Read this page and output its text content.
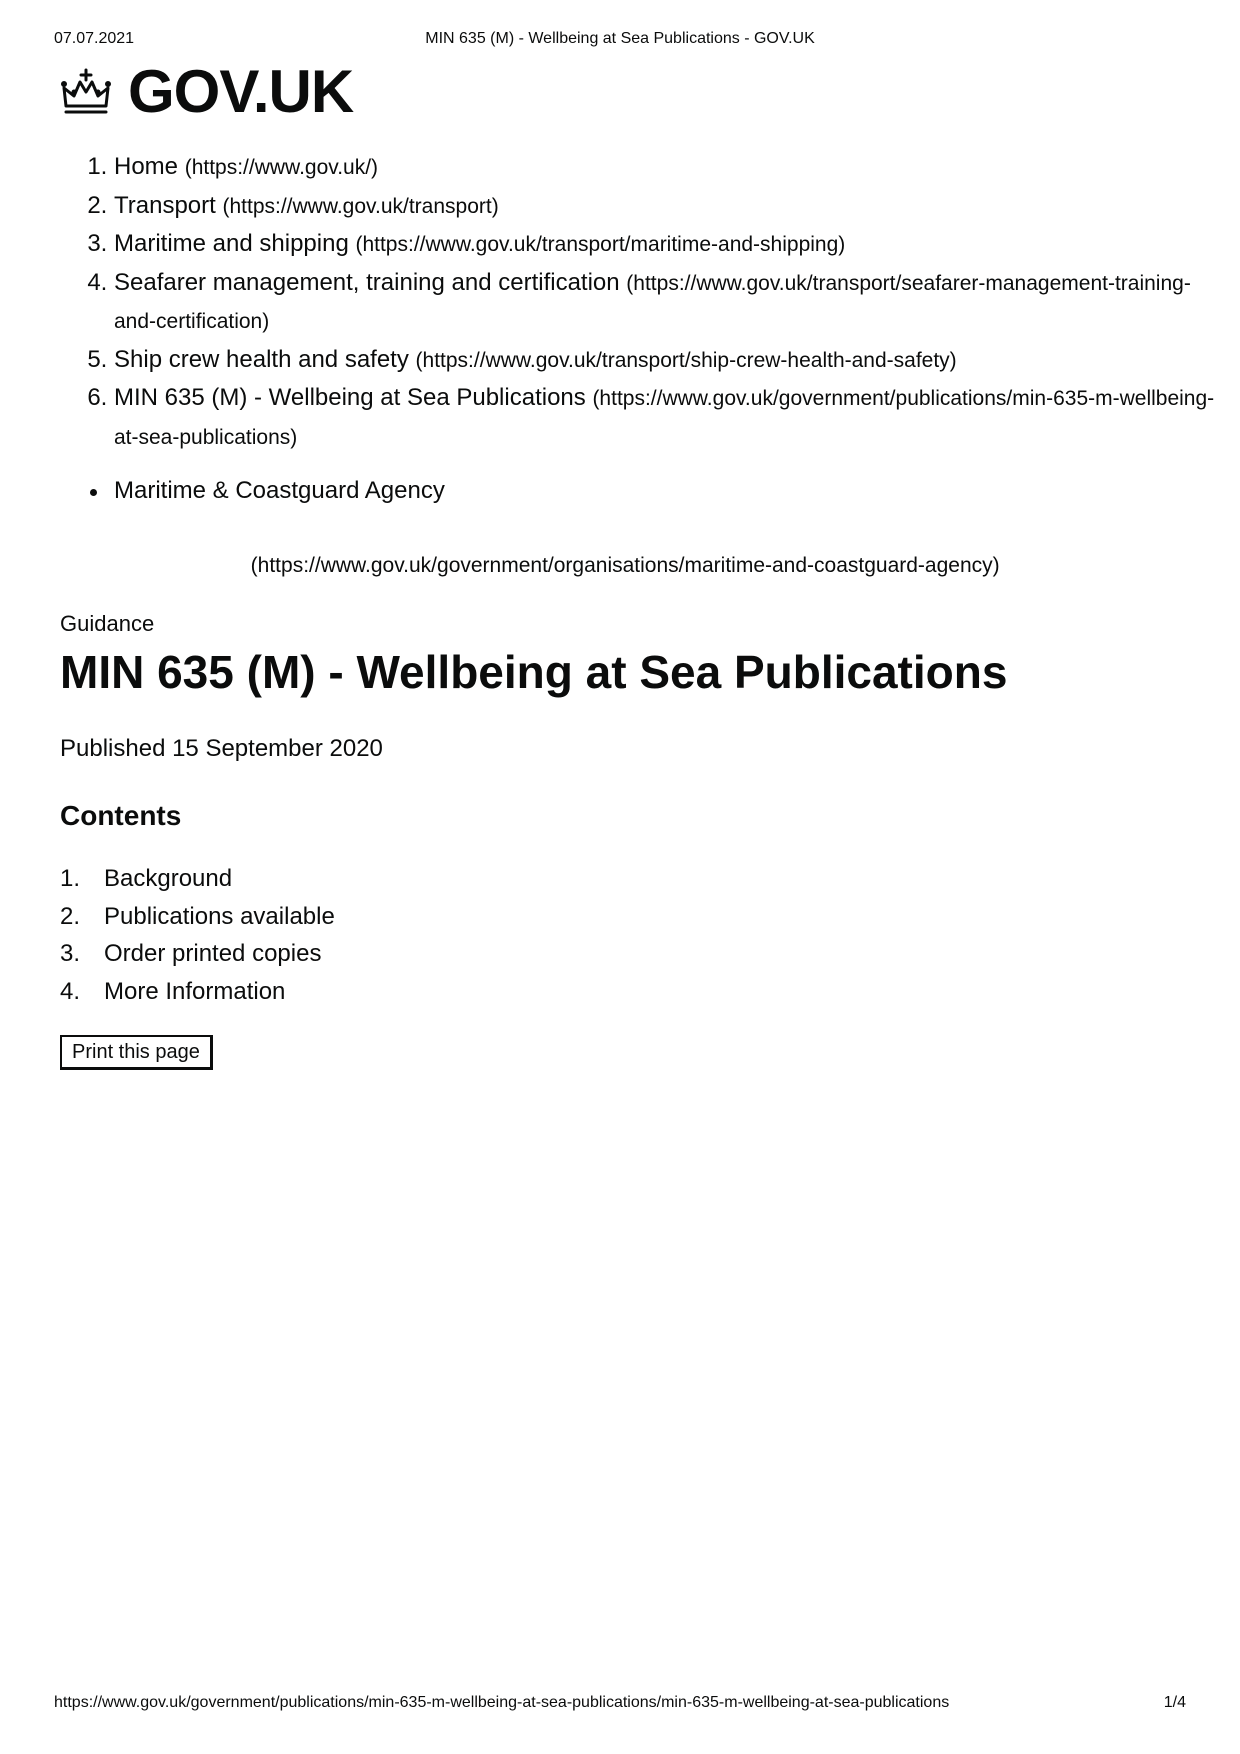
07.07.2021	MIN 635 (M) - Wellbeing at Sea Publications - GOV.UK
GOV.UK
1. Home (https://www.gov.uk/)
2. Transport (https://www.gov.uk/transport)
3. Maritime and shipping (https://www.gov.uk/transport/maritime-and-shipping)
4. Seafarer management, training and certification (https://www.gov.uk/transport/seafarer-management-training-and-certification)
5. Ship crew health and safety (https://www.gov.uk/transport/ship-crew-health-and-safety)
6. MIN 635 (M) - Wellbeing at Sea Publications (https://www.gov.uk/government/publications/min-635-m-wellbeing-at-sea-publications)
Maritime & Coastguard Agency (https://www.gov.uk/government/organisations/maritime-and-coastguard-agency)
Guidance
MIN 635 (M) - Wellbeing at Sea Publications
Published 15 September 2020
Contents
1. Background
2. Publications available
3. Order printed copies
4. More Information
Print this page
https://www.gov.uk/government/publications/min-635-m-wellbeing-at-sea-publications/min-635-m-wellbeing-at-sea-publications	1/4
